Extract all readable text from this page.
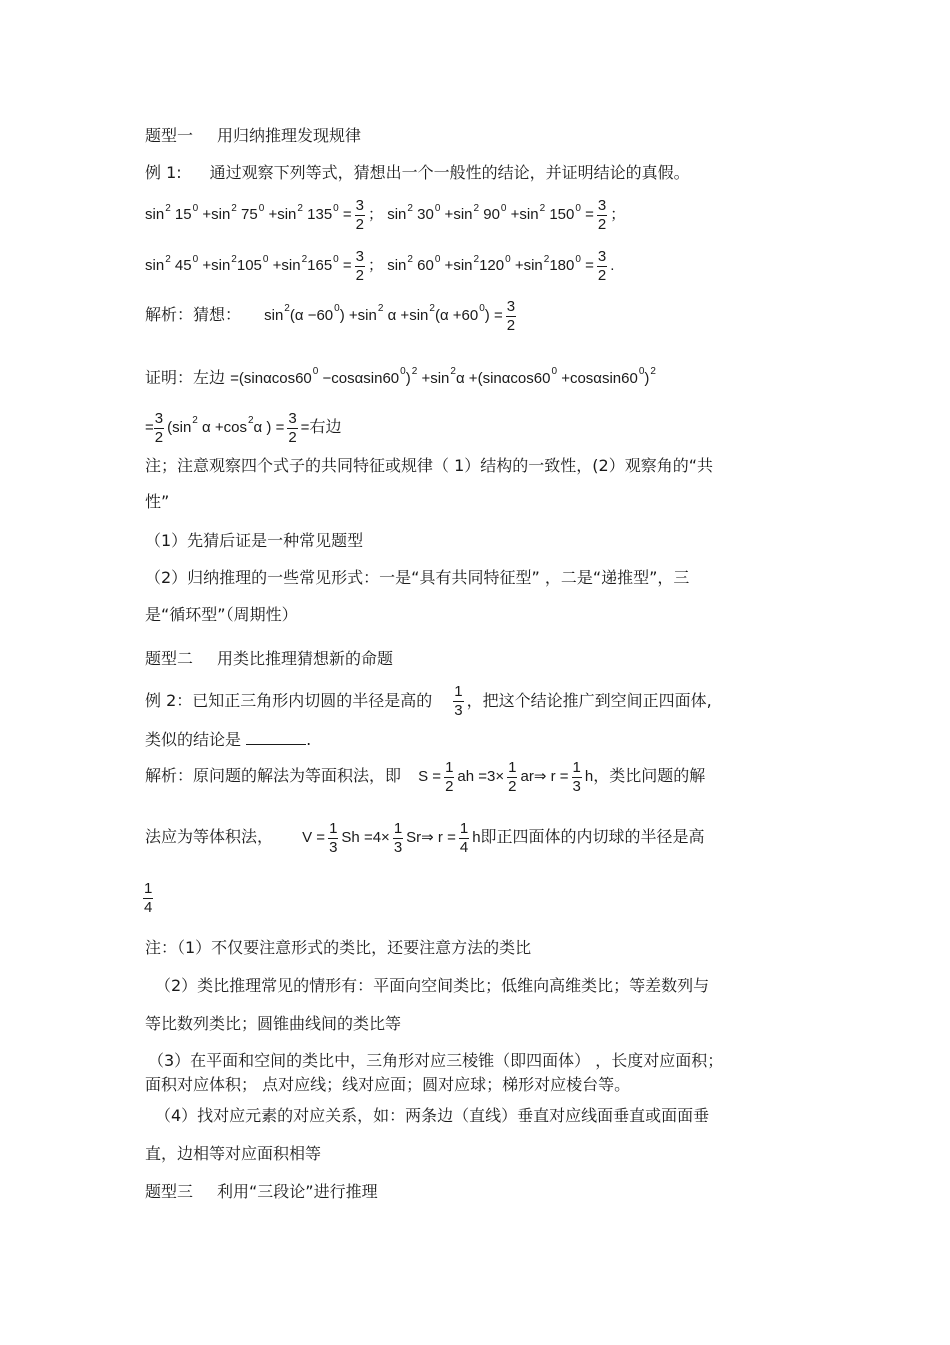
题型一 用归纳推理发现规律
例 1: 通过观察下列等式，猜想出一个一般性的结论，并证明结论的真假。
sin2 150 +sin2 750 +sin2 $1350 = \frac{3}{2}$ ； sin2 300 +sin2 900 +sin2 $1500 = \frac{3}{2}$ ；
sin2 $450 +\sin 21050 +\sin 21650 = \frac{3}{2}$ ； sin2 $600 +\sin 21200 +\sin 21800 = \frac{3}{2}$ .
解析：猜想： sin2(α −600) +sin2 $\alpha +\sin 2(\alpha +600) = \frac{3}{2}$
证明：左边 =(sinαcos600 −cosαsin600)2 +sin2α +(sinαcos600 +cosαsin600)2
= $\frac{3}{2} (\sin 2$ α +cos2α ) = $\frac{3}{2}$ =右边
注；注意观察四个式子的共同特征或规律（ 1）结构的一致性，(2）观察角的“共
性”
（1）先猜后证是一种常见题型
（2）归纳推理的一些常见形式：一是“具有共同特征型” ，二是“递推型”，三
是“循环型”（周期性）
题型二 用类比推理猜想新的命题
例 2：已知正三角形内切圆的半径是高的 $\frac{1}{3}$ ，把这个结论推广到空间正四面体,
类似的结论是	.
解析：原问题的解法为等面积法，即 $S = \frac{1}{2}$ ah $=3\times \frac{1}{2}$ ar⇒ $r = \frac{1}{3}$ h，类比问题的解
法应为等体积法， $V = \frac{1}{3}$ $Sh =4\times \frac{1}{3}$ Sr⇒ $r = \frac{1}{4}$ h即正四面体的内切球的半径是高
$\frac{1}{4}$
注：（1）不仅要注意形式的类比，还要注意方法的类比
（2）类比推理常见的情形有：平面向空间类比；低维向高维类比；等差数列与
等比数列类比；圆锥曲线间的类比等
（3）在平面和空间的类比中，三角形对应三棱锥（即四面体） ，长度对应面积；
面积对应体积； 点对应线；线对应面；圆对应球；梯形对应棱台等。
（4）找对应元素的对应关系，如：两条边（直线）垂直对应线面垂直或面面垂
直，边相等对应面积相等
题型三 利用“三段论”进行推理
